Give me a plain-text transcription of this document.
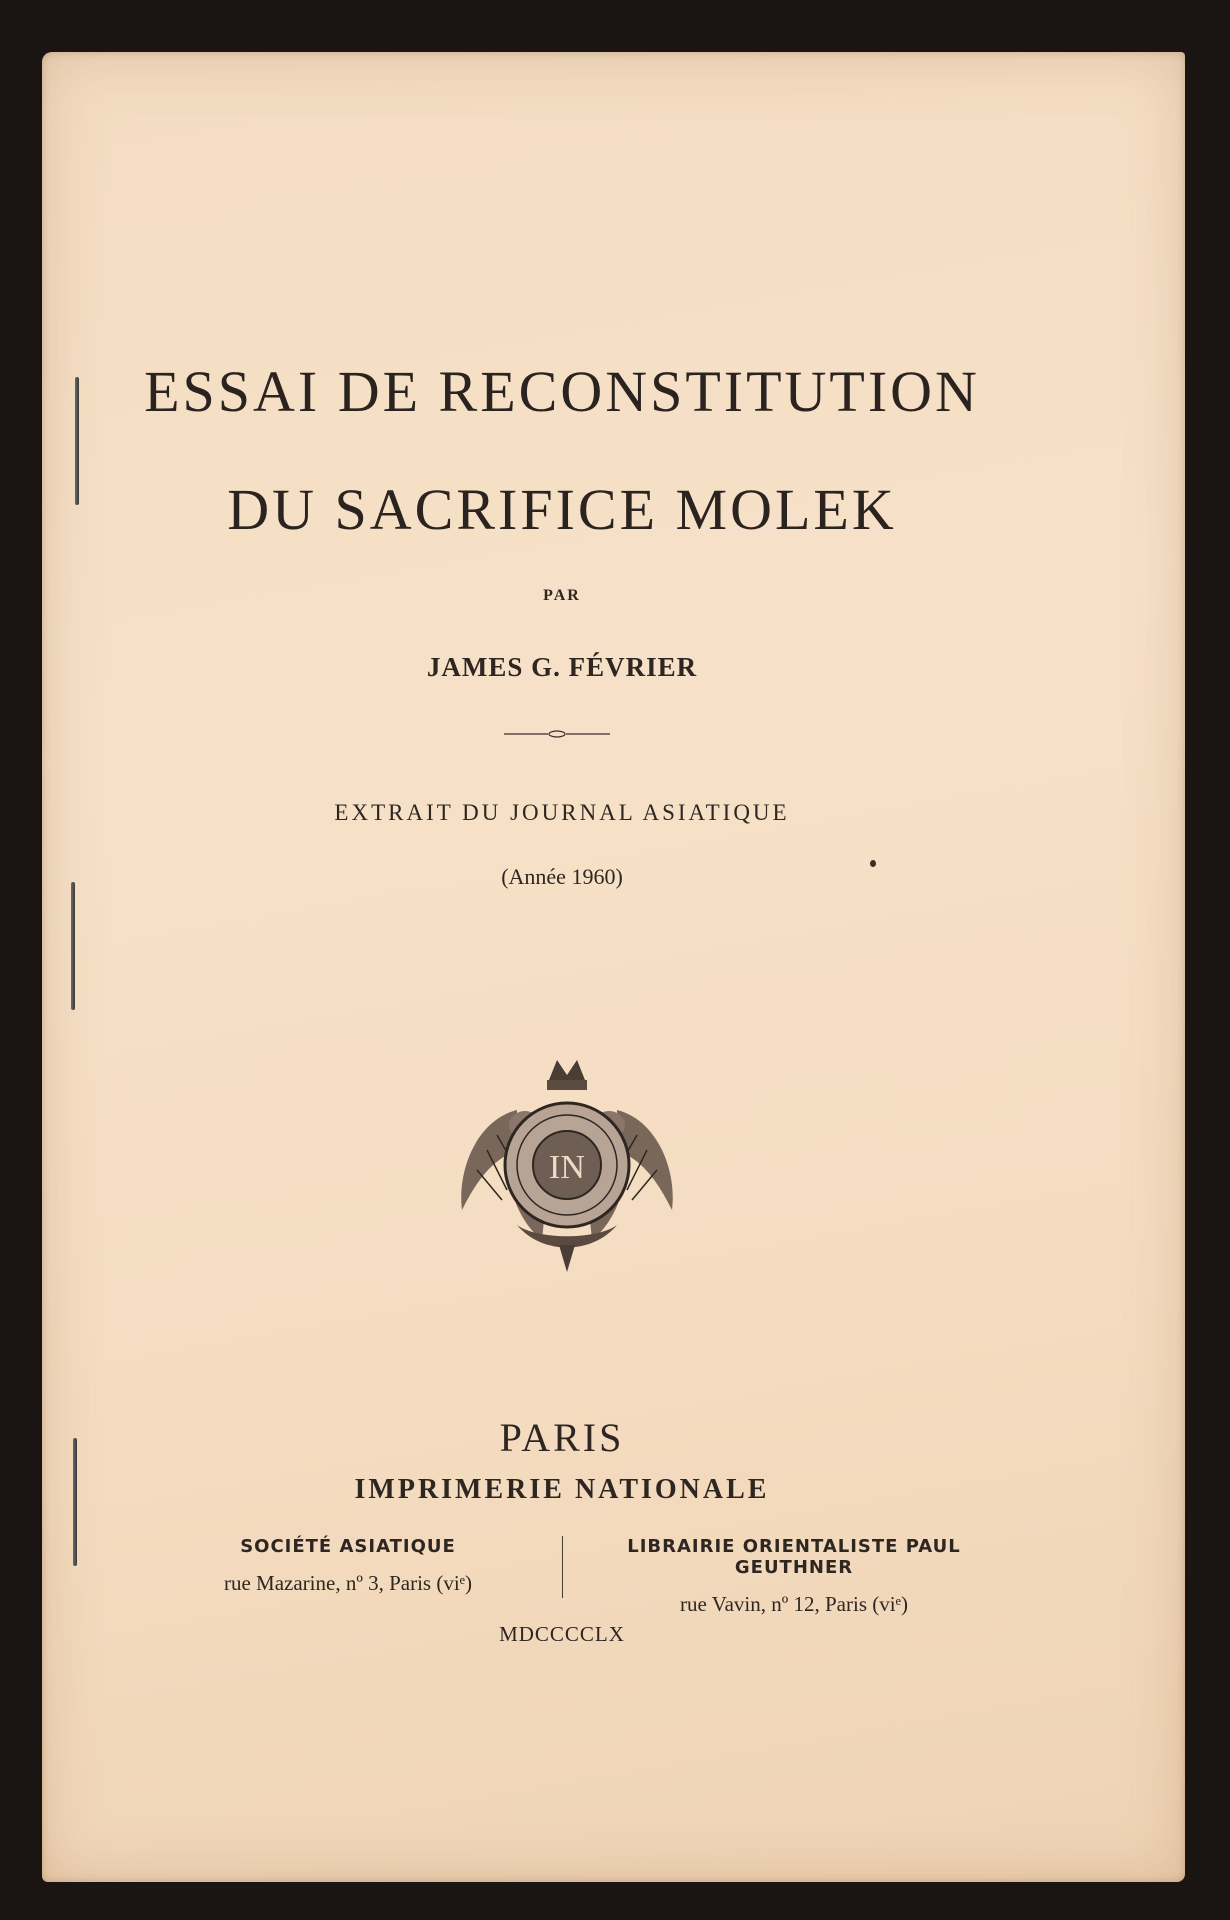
ESSAI DE RECONSTITUTION
DU SACRIFICE MOLEK
PAR
JAMES G. FÉVRIER
EXTRAIT DU JOURNAL ASIATIQUE
(Année 1960)
IN
PARIS
IMPRIMERIE NATIONALE
SOCIÉTÉ ASIATIQUE
rue Mazarine, nº 3, Paris (viᵉ)
LIBRAIRIE ORIENTALISTE PAUL GEUTHNER
rue Vavin, nº 12, Paris (viᵉ)
MDCCCCLX
